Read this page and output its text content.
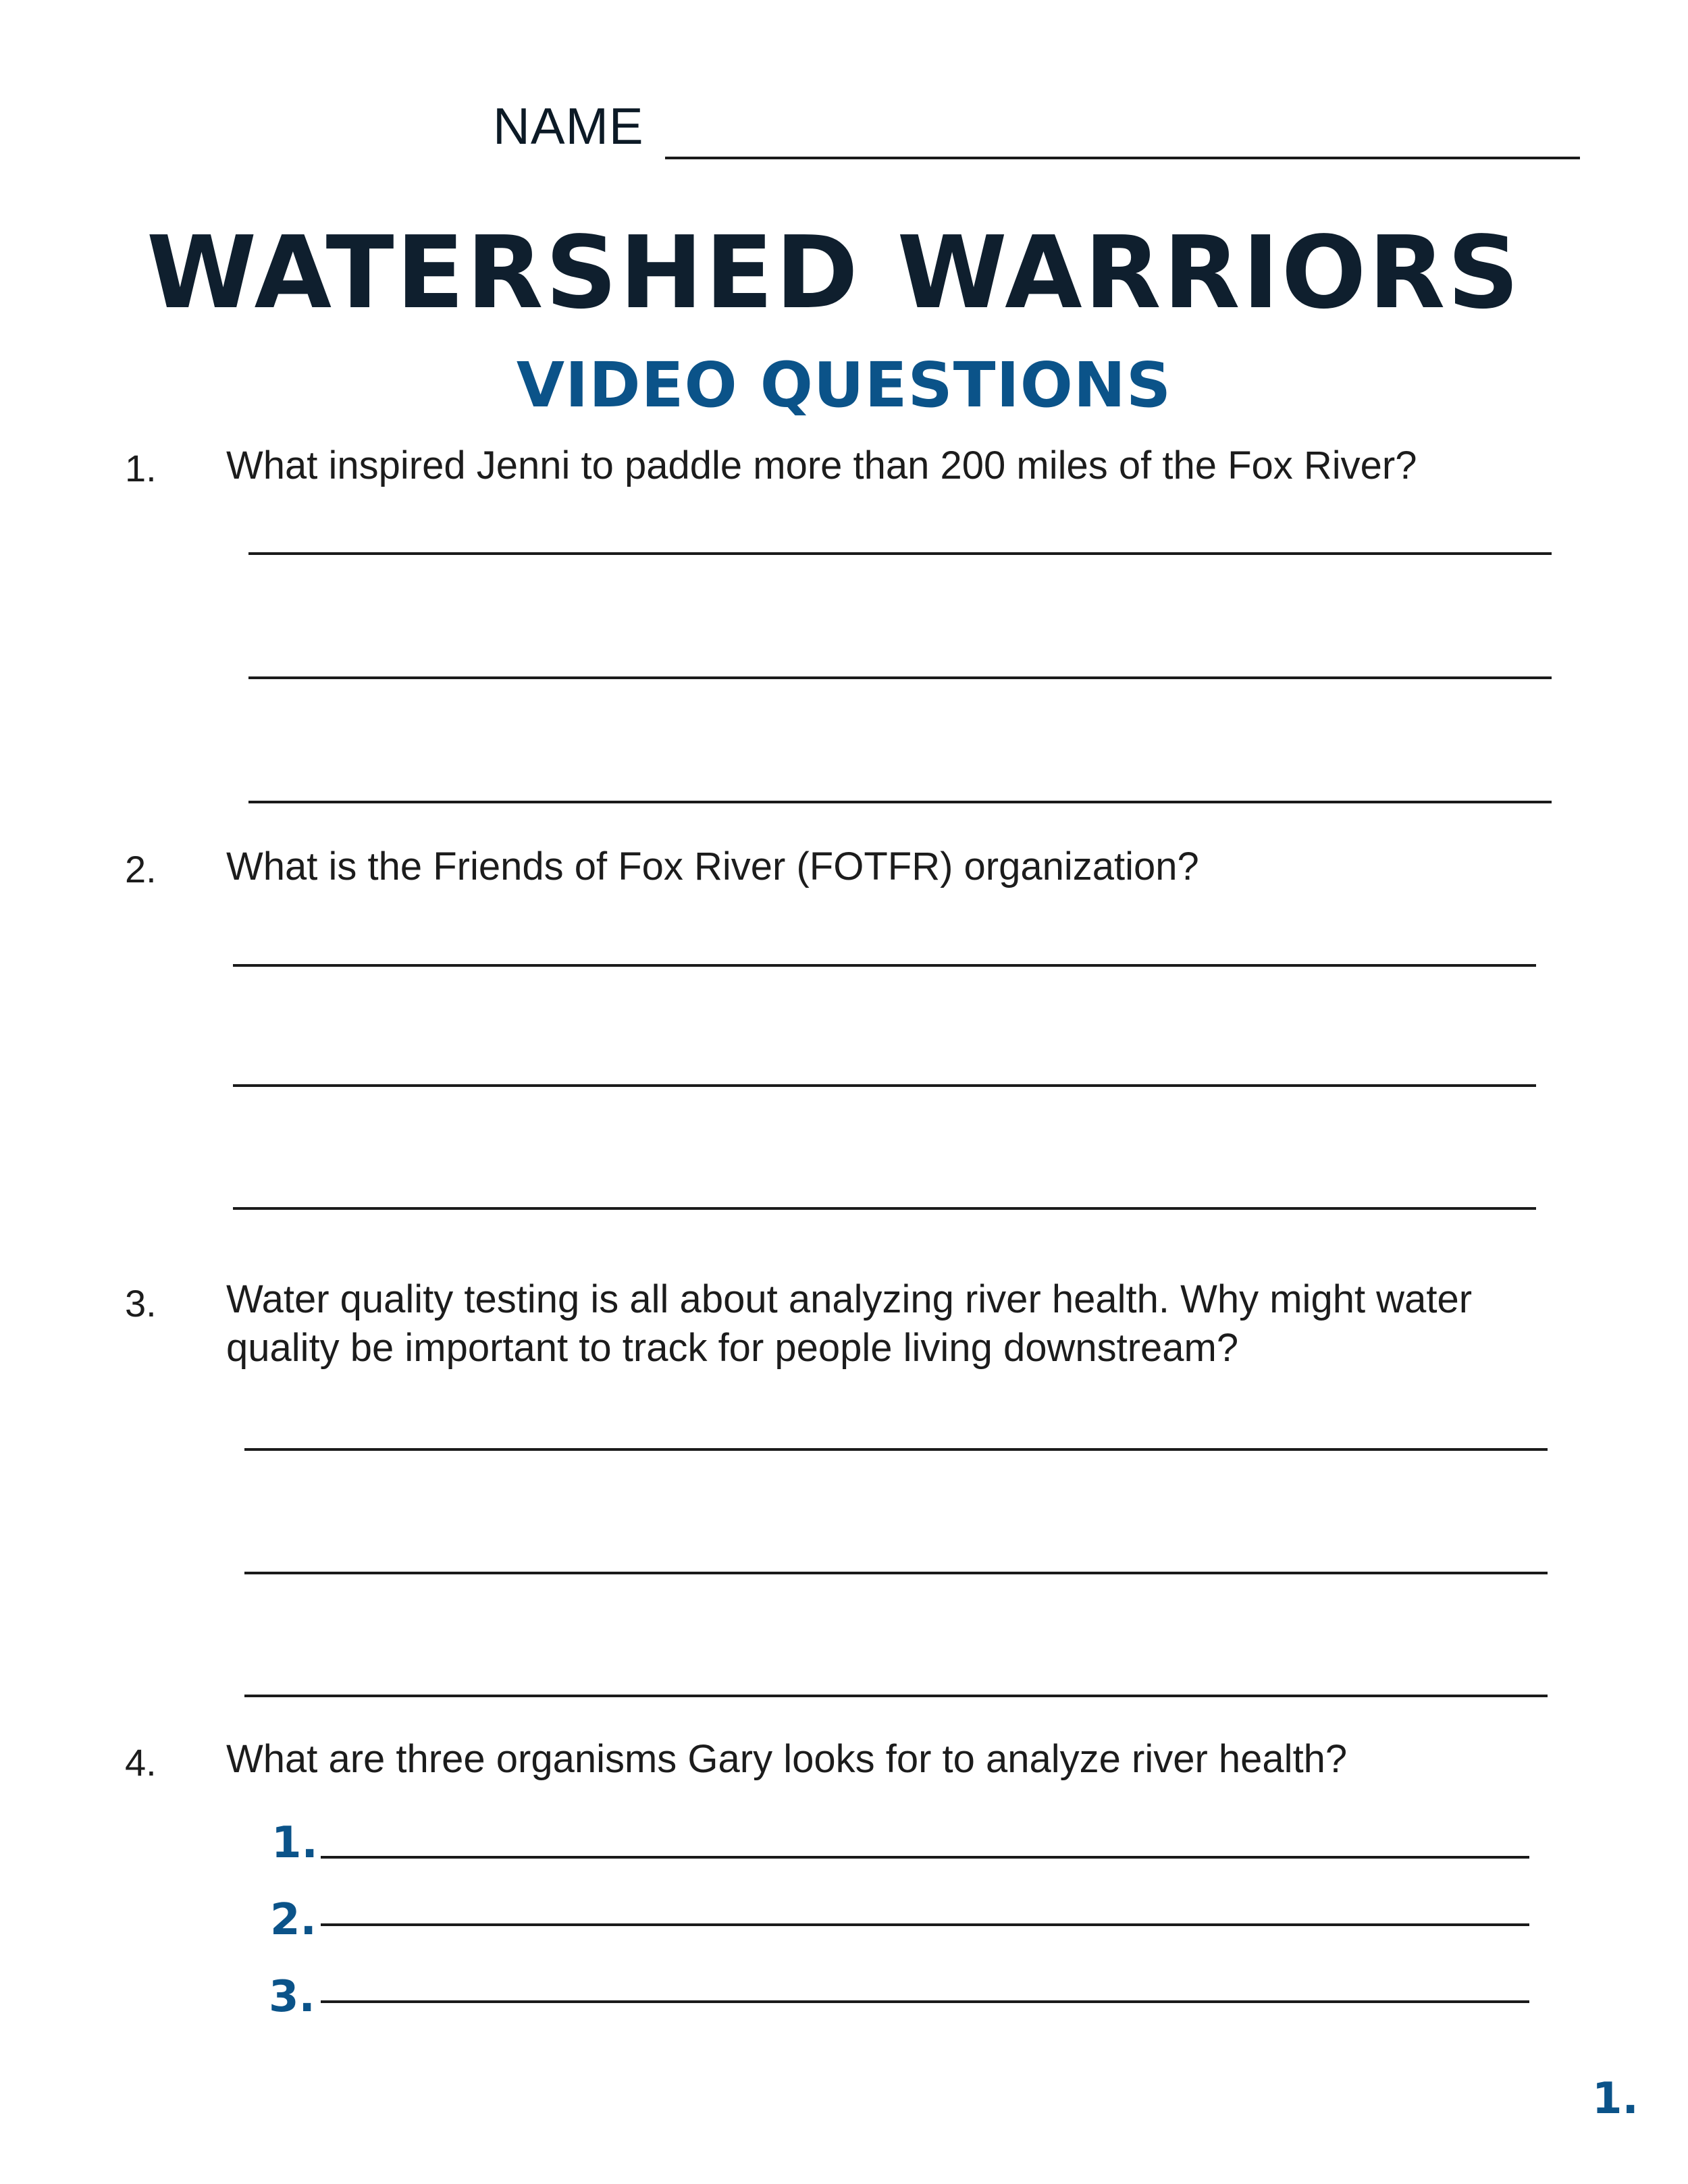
NAME
WATERSHED WARRIORS
VIDEO QUESTIONS
1. What inspired Jenni to paddle more than 200 miles of the Fox River?
2. What is the Friends of Fox River (FOTFR) organization?
3. Water quality testing is all about analyzing river health. Why might water quality be important to track for people living downstream?
4. What are three organisms Gary looks for to analyze river health?
1.
2.
3.
1.
